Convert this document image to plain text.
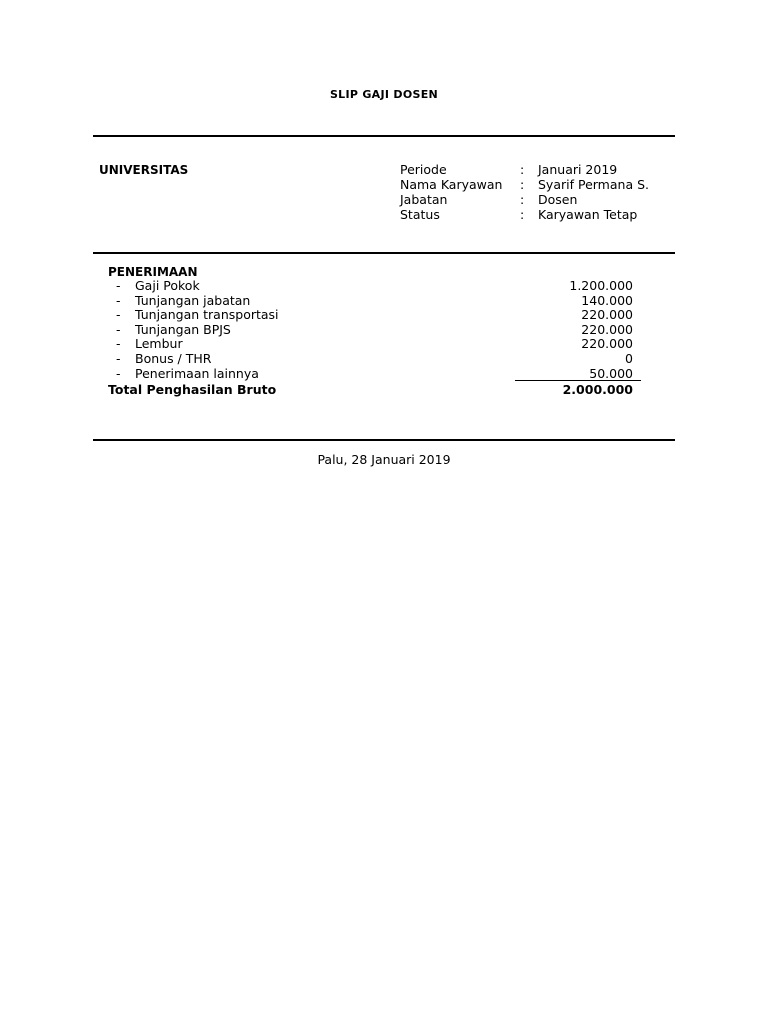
SLIP GAJI DOSEN
UNIVERSITAS	Periode	: Januari 2019
Nama Karyawan : Syarif Permana S.
Jabatan	: Dosen
Status	: Karyawan Tetap
PENERIMAAN
- Gaji Pokok	1.200.000
- Tunjangan jabatan	140.000
- Tunjangan transportasi	220.000
- Tunjangan BPJS	220.000
- Lembur	220.000
- Bonus / THR	0
- Penerimaan lainnya	50.000
Total Penghasilan Bruto	2.000.000
Palu, 28 Januari 2019
